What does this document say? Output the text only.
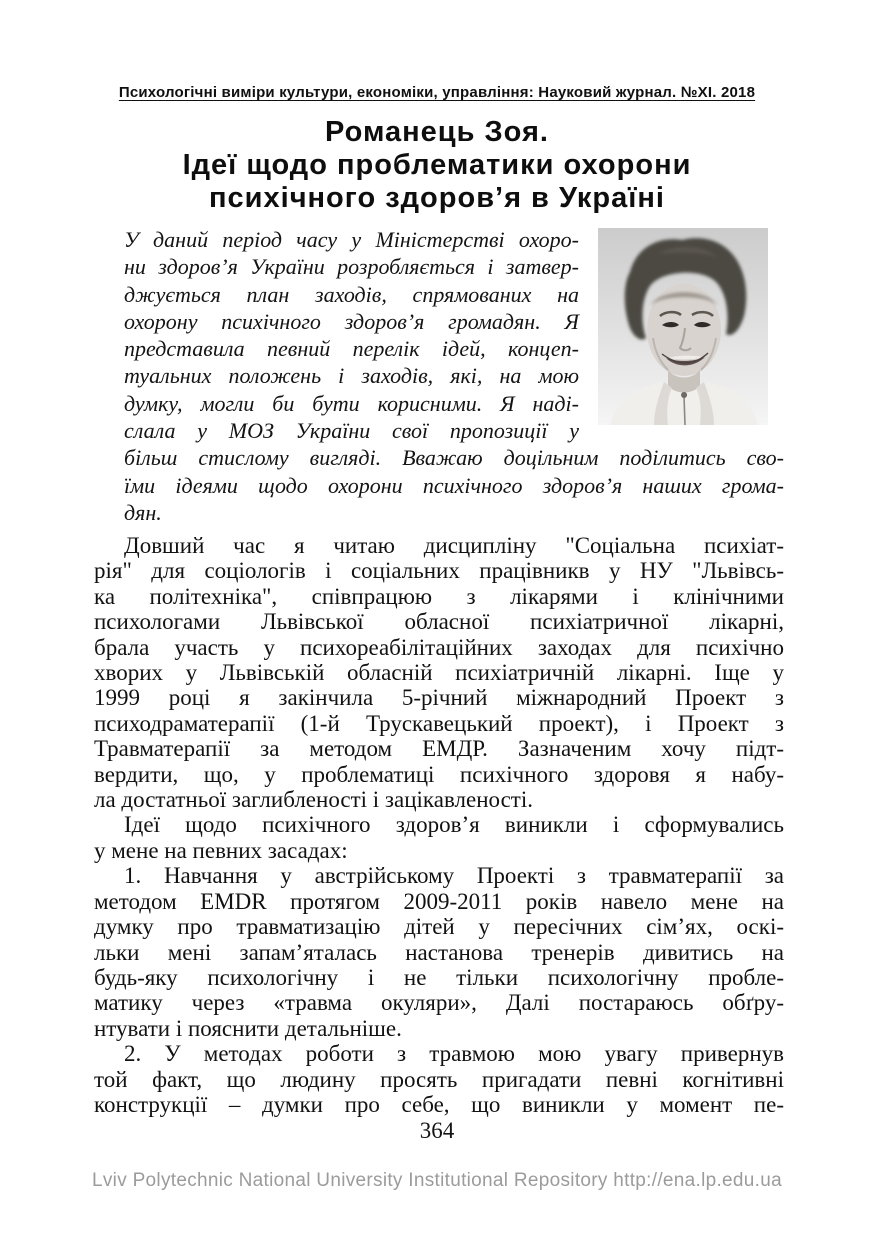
Психологічні виміри культури, економіки, управління: Науковий журнал. №ХІ. 2018
Романець Зоя.
Ідеї щодо проблематики охорони
психічного здоров’я в Україні
У даний період часу у Міністерстві охоро-
ни здоров’я України розробляється і затвер-
джується план заходів, спрямованих на
охорону психічного здоров’я громадян. Я
представила певний перелік ідей, концеп-
туальних положень і заходів, які, на мою
думку, могли би бути корисними. Я наді-
слала у МОЗ України свої пропозиції у
більш стислому вигляді. Вважаю доцільним поділитись сво-
їми ідеями щодо охорони психічного здоров’я наших грома-
дян.
Довший час я читаю дисципліну "Соціальна психіат-
рія" для соціологів і соціальних працівникв у НУ "Львівсь-
ка політехніка", співпрацюю з лікарями і клінічними
психологами Львівської обласної психіатричної лікарні,
брала участь у психореабілітаційних заходах для психічно
хворих у Львівській обласній психіатричній лікарні. Іще у
1999 році я закінчила 5-річний міжнародний Проект з
психодраматерапії (1-й Трускавецький проект), і Проект з
Травматерапії за методом ЕМДР. Зазначеним хочу підт-
вердити, що, у проблематиці психічного здоровя я набу-
ла достатньої заглибленості і зацікавленості.
Ідеї щодо психічного здоров’я виникли і сформувались
у мене на певних засадах:
1. Навчання у австрійському Проекті з травматерапії за
методом EMDR протягом 2009-2011 років навело мене на
думку про травматизацію дітей у пересічних сім’ях, оскі-
льки мені запам’яталась настанова тренерів дивитись на
будь-яку психологічну і не тільки психологічну пробле-
матику через «травма окуляри», Далі постараюсь обґру-
нтувати і пояснити детальніше.
2. У методах роботи з травмою мою увагу привернув
той факт, що людину просять пригадати певні когнітивні
конструкції – думки про себе, що виникли у момент пе-
364
Lviv Polytechnic National University Institutional Repository http://ena.lp.edu.ua
